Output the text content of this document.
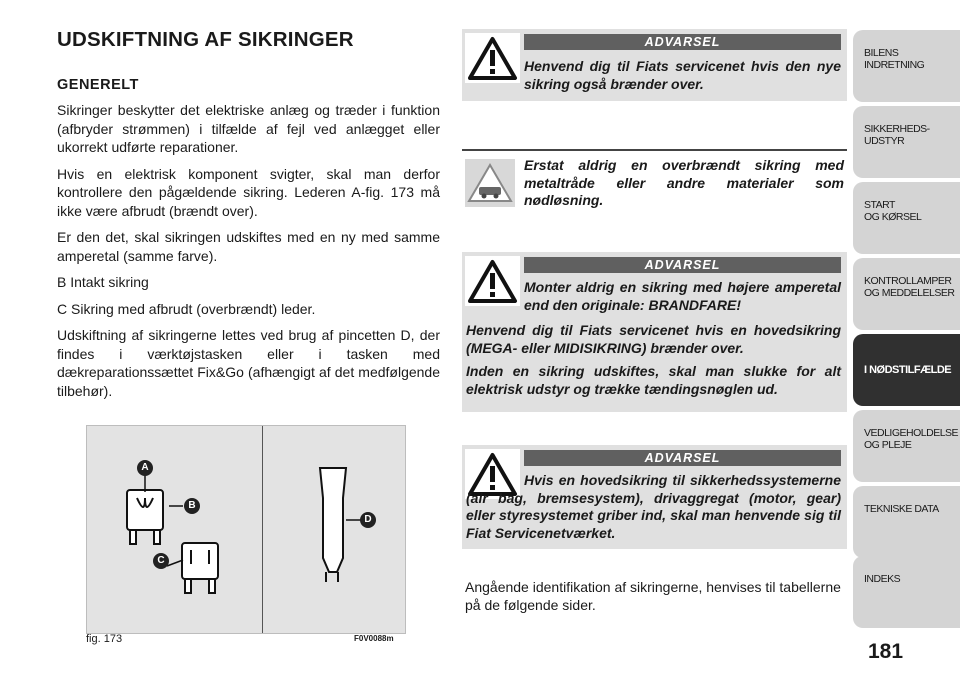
UDSKIFTNING AF SIKRINGER
GENERELT

Sikringer beskytter det elektriske anlæg og træder i funktion (afbryder strømmen) i tilfælde af fejl ved anlægget eller ukorrekt udførte reparationer.

Hvis en elektrisk komponent svigter, skal man derfor kontrollere den pågældende sikring. Lederen A-fig. 173 må ikke være afbrudt (brændt over).

Er den det, skal sikringen udskiftes med en ny med samme amperetal (samme farve).

B Intakt sikring

C Sikring med afbrudt (overbrændt) leder.

Udskiftning af sikringerne lettes ved brug af pincetten D, der findes i værktøjstasken eller i tasken med dækreparationssættet Fix&Go (afhængigt af det medfølgende tilbehør).

A
B
C
D
fig. 173	F0V0088m
ADVARSEL

Henvend dig til Fiats servicenet hvis den nye sikring også brænder over.

Erstat aldrig en overbrændt sikring med metaltråde eller andre materialer som nødløsning.

ADVARSEL

Monter aldrig en sikring med højere amperetal end den originale: BRANDFARE!

Henvend dig til Fiats servicenet hvis en hovedsikring (MEGA- eller MIDISIKRING) brænder over.

Inden en sikring udskiftes, skal man slukke for alt elektrisk udstyr og trække tændingsnøglen ud.

ADVARSEL

Hvis en hovedsikring til sikkerhedssystemerne (air bag, bremsesystem), drivaggregat (motor, gear) eller styresystemet griber ind, skal man henvende sig til Fiat Servicenetværket.

Angående identifikation af sikringerne, henvises til tabellerne på de følgende sider.
BILENS
INDRETNING
SIKKERHEDS-
UDSTYR
START
OG KØRSEL
KONTROLLAMPER
OG MEDDELELSER
I NØDSTILFÆLDE
VEDLIGEHOLDELSE
OG PLEJE
TEKNISKE DATA
INDEKS
181
